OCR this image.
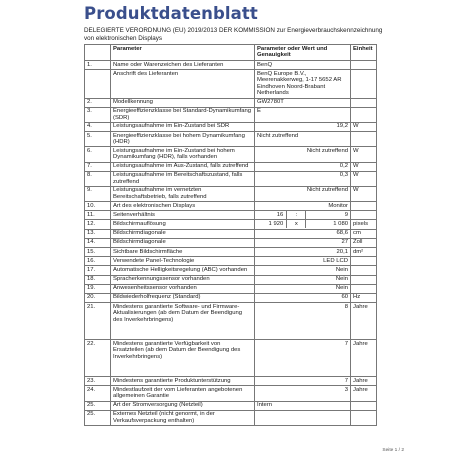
Produktdatenblatt
DELEGIERTE VERORDNUNG (EU) 2019/2013 DER KOMMISSION zur Energieverbrauchskennzeichnung von elektronischen Displays
	Parameter	Parameter oder Wert und Genauigkeit	Einheit
1.	Name oder Warenzeichen des Lieferanten	BenQ	
	Anschrift des Lieferanten	BenQ Europe B.V., Meerenakkerweg, 1-17 5652 AR Eindhoven Noord-Brabant Netherlands	
2.	Modellkennung	GW2780T	
3.	Energieeffizienzklasse bei Standard-Dynamikumfang (SDR)	E	
4.	Leistungsaufnahme im Ein-Zustand bei SDR	19,2	W
5.	Energieeffizienzklasse bei hohem Dynamikumfang (HDR)	Nicht zutreffend	
6.	Leistungsaufnahme im Ein-Zustand bei hohem Dynamikumfang (HDR), falls vorhanden	Nicht zutreffend	W
7.	Leistungsaufnahme im Aus-Zustand, falls zutreffend	0,2	W
8.	Leistungsaufnahme im Bereitschaftszustand, falls zutreffend	0,3	W
9.	Leistungsaufnahme im vernetzten Bereitschaftsbetrieb, falls zutreffend	Nicht zutreffend	W
10.	Art des elektronischen Displays	Monitor	
11.	Seitenverhältnis	16 : 9	

12.	Bildschirmauflösung	1 920 x 1 080	pixels
13.	Bildschirmdiagonale	68,6	cm
14.	Bildschirmdiagonale	27	Zoll
15.	Sichtbare Bildschirmfläche	20,1	dm²
16.	Verwendete Panel-Technologie	LED LCD	
17.	Automatische Helligkeitsregelung (ABC) vorhanden	Nein	
18.	Spracherkennungssensor vorhanden	Nein	
19.	Anwesenheitssensor vorhanden	Nein	
20.	Bildwiederholfrequenz (Standard)	60	Hz
21.	Mindestens garantierte Software- und Firmware-Aktualisierungen (ab dem Datum der Beendigung des Inverkehrbringens)	8	Jahre
22.	Mindestens garantierte Verfügbarkeit von Ersatzteilen (ab dem Datum der Beendigung des Inverkehrbringens)	7	Jahre
23.	Mindestens garantierte Produktunterstützung	7	Jahre
24.	Mindestlaufzeit der vom Lieferanten angebotenen allgemeinen Garantie	3	Jahre
25.	Art der Stromversorgung (Netzteil)	Intern	
25.	Externes Netzteil (nicht genormt, in der Verkaufsverpackung enthalten)		
Seite 1 / 2
